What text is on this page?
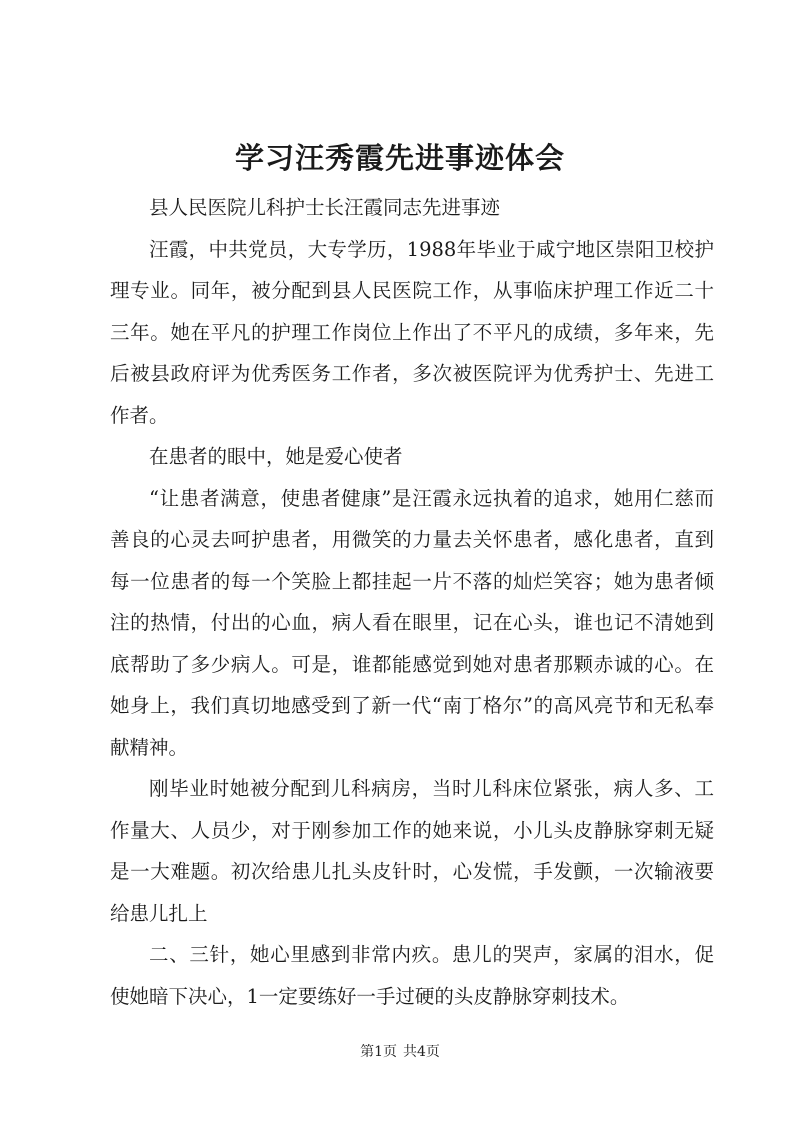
学习汪秀霞先进事迹体会

县人民医院儿科护士长汪霞同志先进事迹

汪霞，中共党员，大专学历，1988年毕业于咸宁地区崇阳卫校护理专业。同年，被分配到县人民医院工作，从事临床护理工作近二十三年。她在平凡的护理工作岗位上作出了不平凡的成绩，多年来，先后被县政府评为优秀医务工作者，多次被医院评为优秀护士、先进工作者。

在患者的眼中，她是爱心使者

“让患者满意，使患者健康”是汪霞永远执着的追求，她用仁慈而善良的心灵去呵护患者，用微笑的力量去关怀患者，感化患者，直到每一位患者的每一个笑脸上都挂起一片不落的灿烂笑容；她为患者倾注的热情，付出的心血，病人看在眼里，记在心头，谁也记不清她到底帮助了多少病人。可是，谁都能感觉到她对患者那颗赤诚的心。在她身上，我们真切地感受到了新一代“南丁格尔”的高风亮节和无私奉献精神。

刚毕业时她被分配到儿科病房，当时儿科床位紧张，病人多、工作量大、人员少，对于刚参加工作的她来说，小儿头皮静脉穿刺无疑是一大难题。初次给患儿扎头皮针时，心发慌，手发颤，一次输液要给患儿扎上

二、三针，她心里感到非常内疚。患儿的哭声，家属的泪水，促使她暗下决心，1一定要练好一手过硬的头皮静脉穿刺技术。

第1页 共4页
